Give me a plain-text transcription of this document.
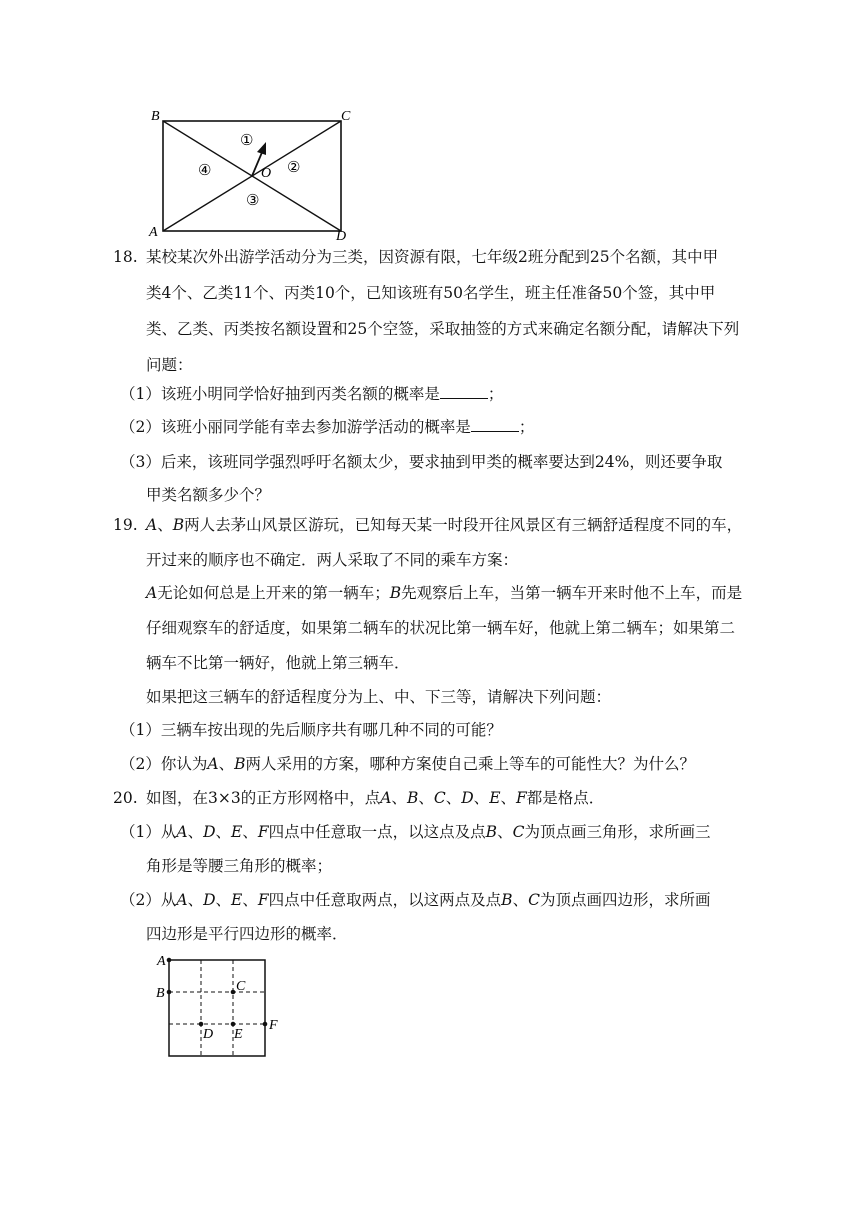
B	C
A	D
O
①
②
③
④
18. 某校某次外出游学活动分为三类，因资源有限，七年级2班分配到25个名额，其中甲
类4个、乙类11个、丙类10个，已知该班有50名学生，班主任准备50个签，其中甲
类、乙类、丙类按名额设置和25个空签，采取抽签的方式来确定名额分配，请解决下列
问题：
（1）该班小明同学恰好抽到丙类名额的概率是	；
（2）该班小丽同学能有幸去参加游学活动的概率是	；
（3）后来，该班同学强烈呼吁名额太少，要求抽到甲类的概率要达到24%，则还要争取
甲类名额多少个？
19. A、B两人去茅山风景区游玩，已知每天某一时段开往风景区有三辆舒适程度不同的车，
开过来的顺序也不确定．两人采取了不同的乘车方案：
A无论如何总是上开来的第一辆车；B先观察后上车，当第一辆车开来时他不上车，而是
仔细观察车的舒适度，如果第二辆车的状况比第一辆车好，他就上第二辆车；如果第二
辆车不比第一辆好，他就上第三辆车．
如果把这三辆车的舒适程度分为上、中、下三等，请解决下列问题：
（1）三辆车按出现的先后顺序共有哪几种不同的可能？
（2）你认为A、B两人采用的方案，哪种方案使自己乘上等车的可能性大？为什么？
20. 如图，在3×3的正方形网格中，点A、B、C、D、E、F都是格点．
（1）从A、D、E、F四点中任意取一点，以这点及点B、C为顶点画三角形，求所画三
角形是等腰三角形的概率；
（2）从A、D、E、F四点中任意取两点，以这两点及点B、C为顶点画四边形，求所画
四边形是平行四边形的概率．
A
B	C
D E
F
